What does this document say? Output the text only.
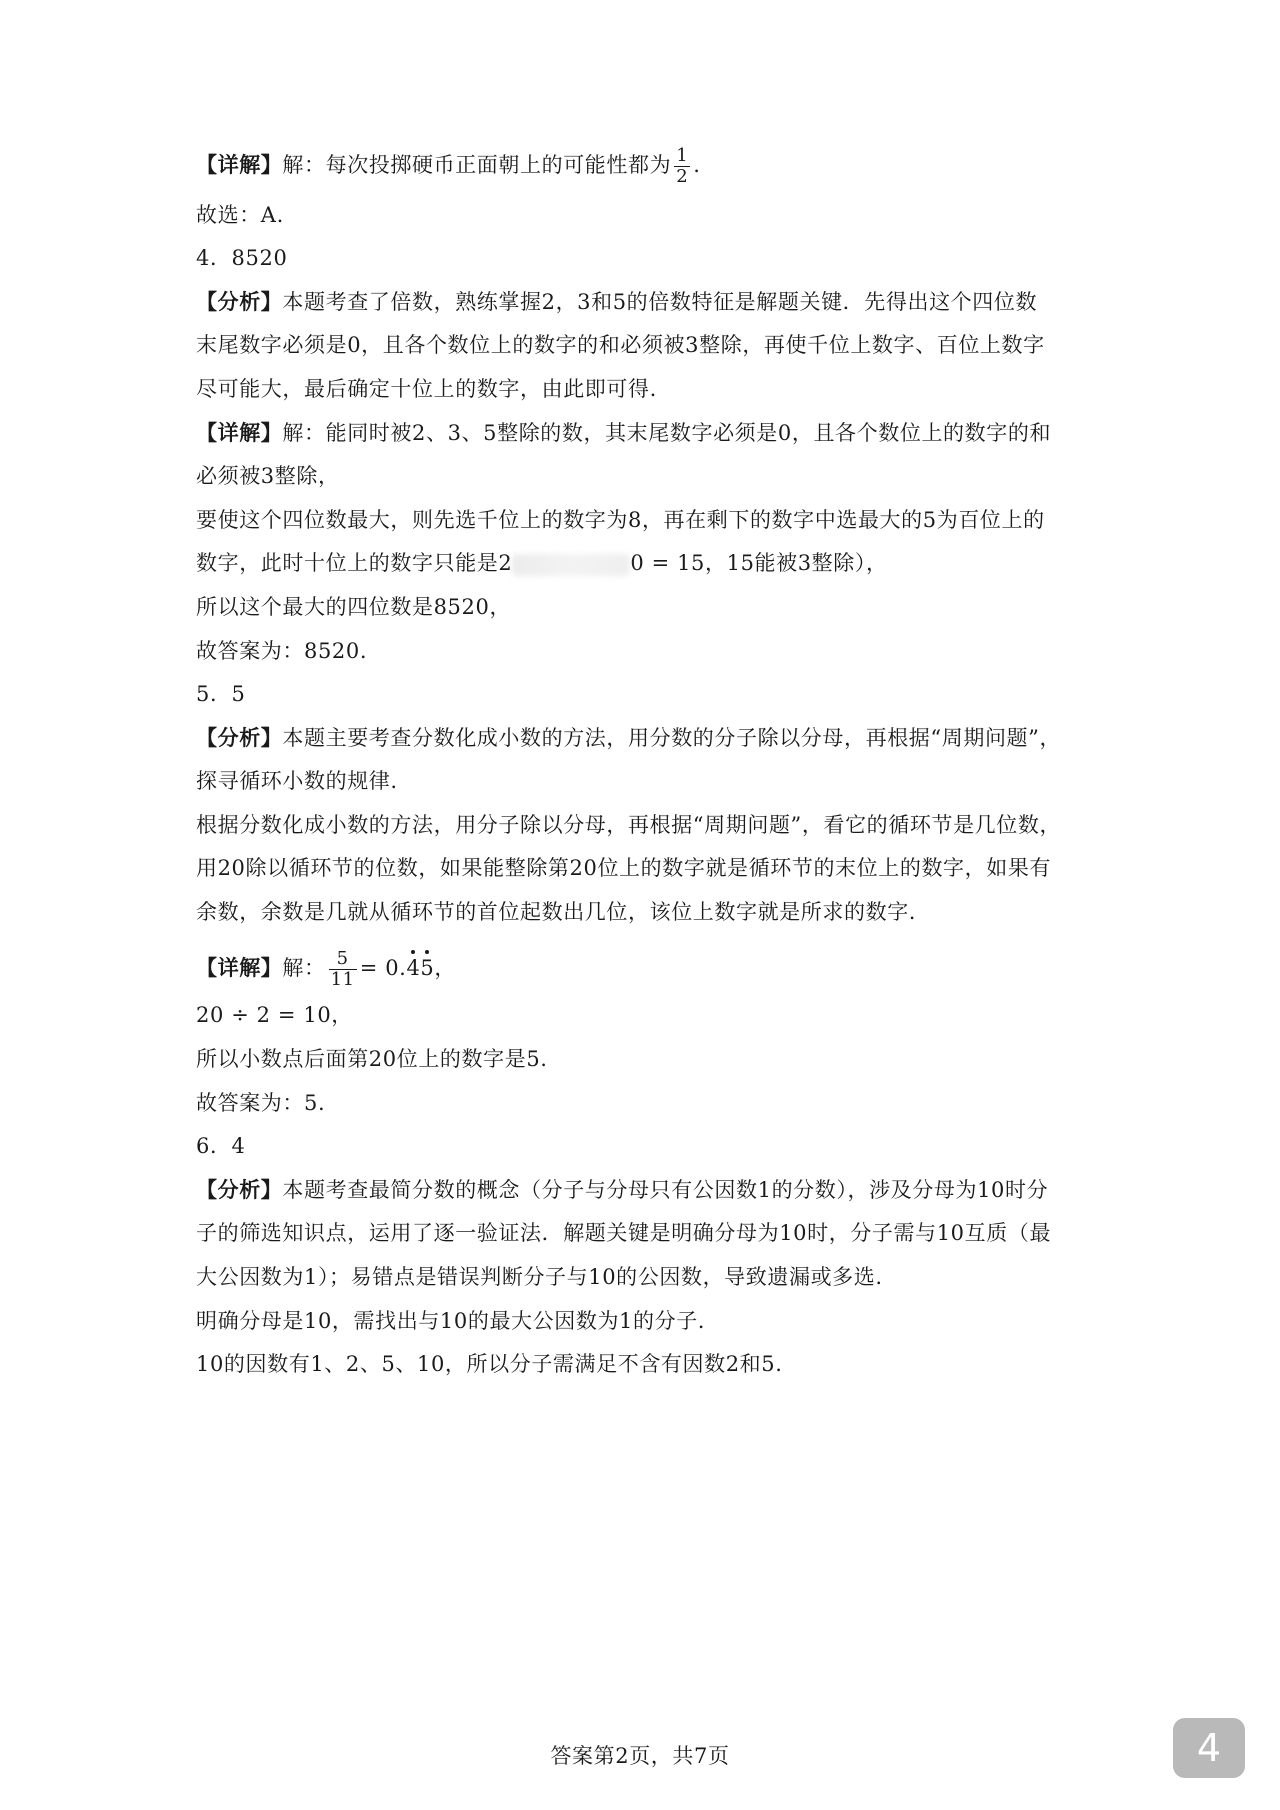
【详解】解：每次投掷硬币正面朝上的可能性都为 $\frac{1}{2}$ .
故选：A.
4．8520
【分析】本题考查了倍数，熟练掌握2，3和5的倍数特征是解题关键．先得出这个四位数
末尾数字必须是0，且各个数位上的数字的和必须被3整除，再使千位上数字、百位上数字
尽可能大，最后确定十位上的数字，由此即可得.
【详解】解：能同时被2、3、5整除的数，其末尾数字必须是0，且各个数位上的数字的和
必须被3整除，
要使这个四位数最大，则先选千位上的数字为8，再在剩下的数字中选最大的5为百位上的
数字，此时十位上的数字只能是2	0 = 15，15能被3整除），
所以这个最大的四位数是8520，
故答案为：8520.
5．5
【分析】本题主要考查分数化成小数的方法，用分数的分子除以分母，再根据“周期问题”，
探寻循环小数的规律.
根据分数化成小数的方法，用分子除以分母，再根据“周期问题”，看它的循环节是几位数，
用20除以循环节的位数，如果能整除第20位上的数字就是循环节的末位上的数字，如果有
余数，余数是几就从循环节的首位起数出几位，该位上数字就是所求的数字.
【详解】解： $\frac{5}{11} = 0.45$，
20 ÷ 2 = 10，
所以小数点后面第20位上的数字是5.
故答案为：5.
6．4
【分析】本题考查最简分数的概念（分子与分母只有公因数1的分数），涉及分母为10时分
子的筛选知识点，运用了逐一验证法．解题关键是明确分母为10时，分子需与10互质（最
大公因数为1）；易错点是错误判断分子与10的公因数，导致遗漏或多选.
明确分母是10，需找出与10的最大公因数为1的分子.
10的因数有1、2、5、10，所以分子需满足不含有因数2和5.
答案第2页，共7页	4
